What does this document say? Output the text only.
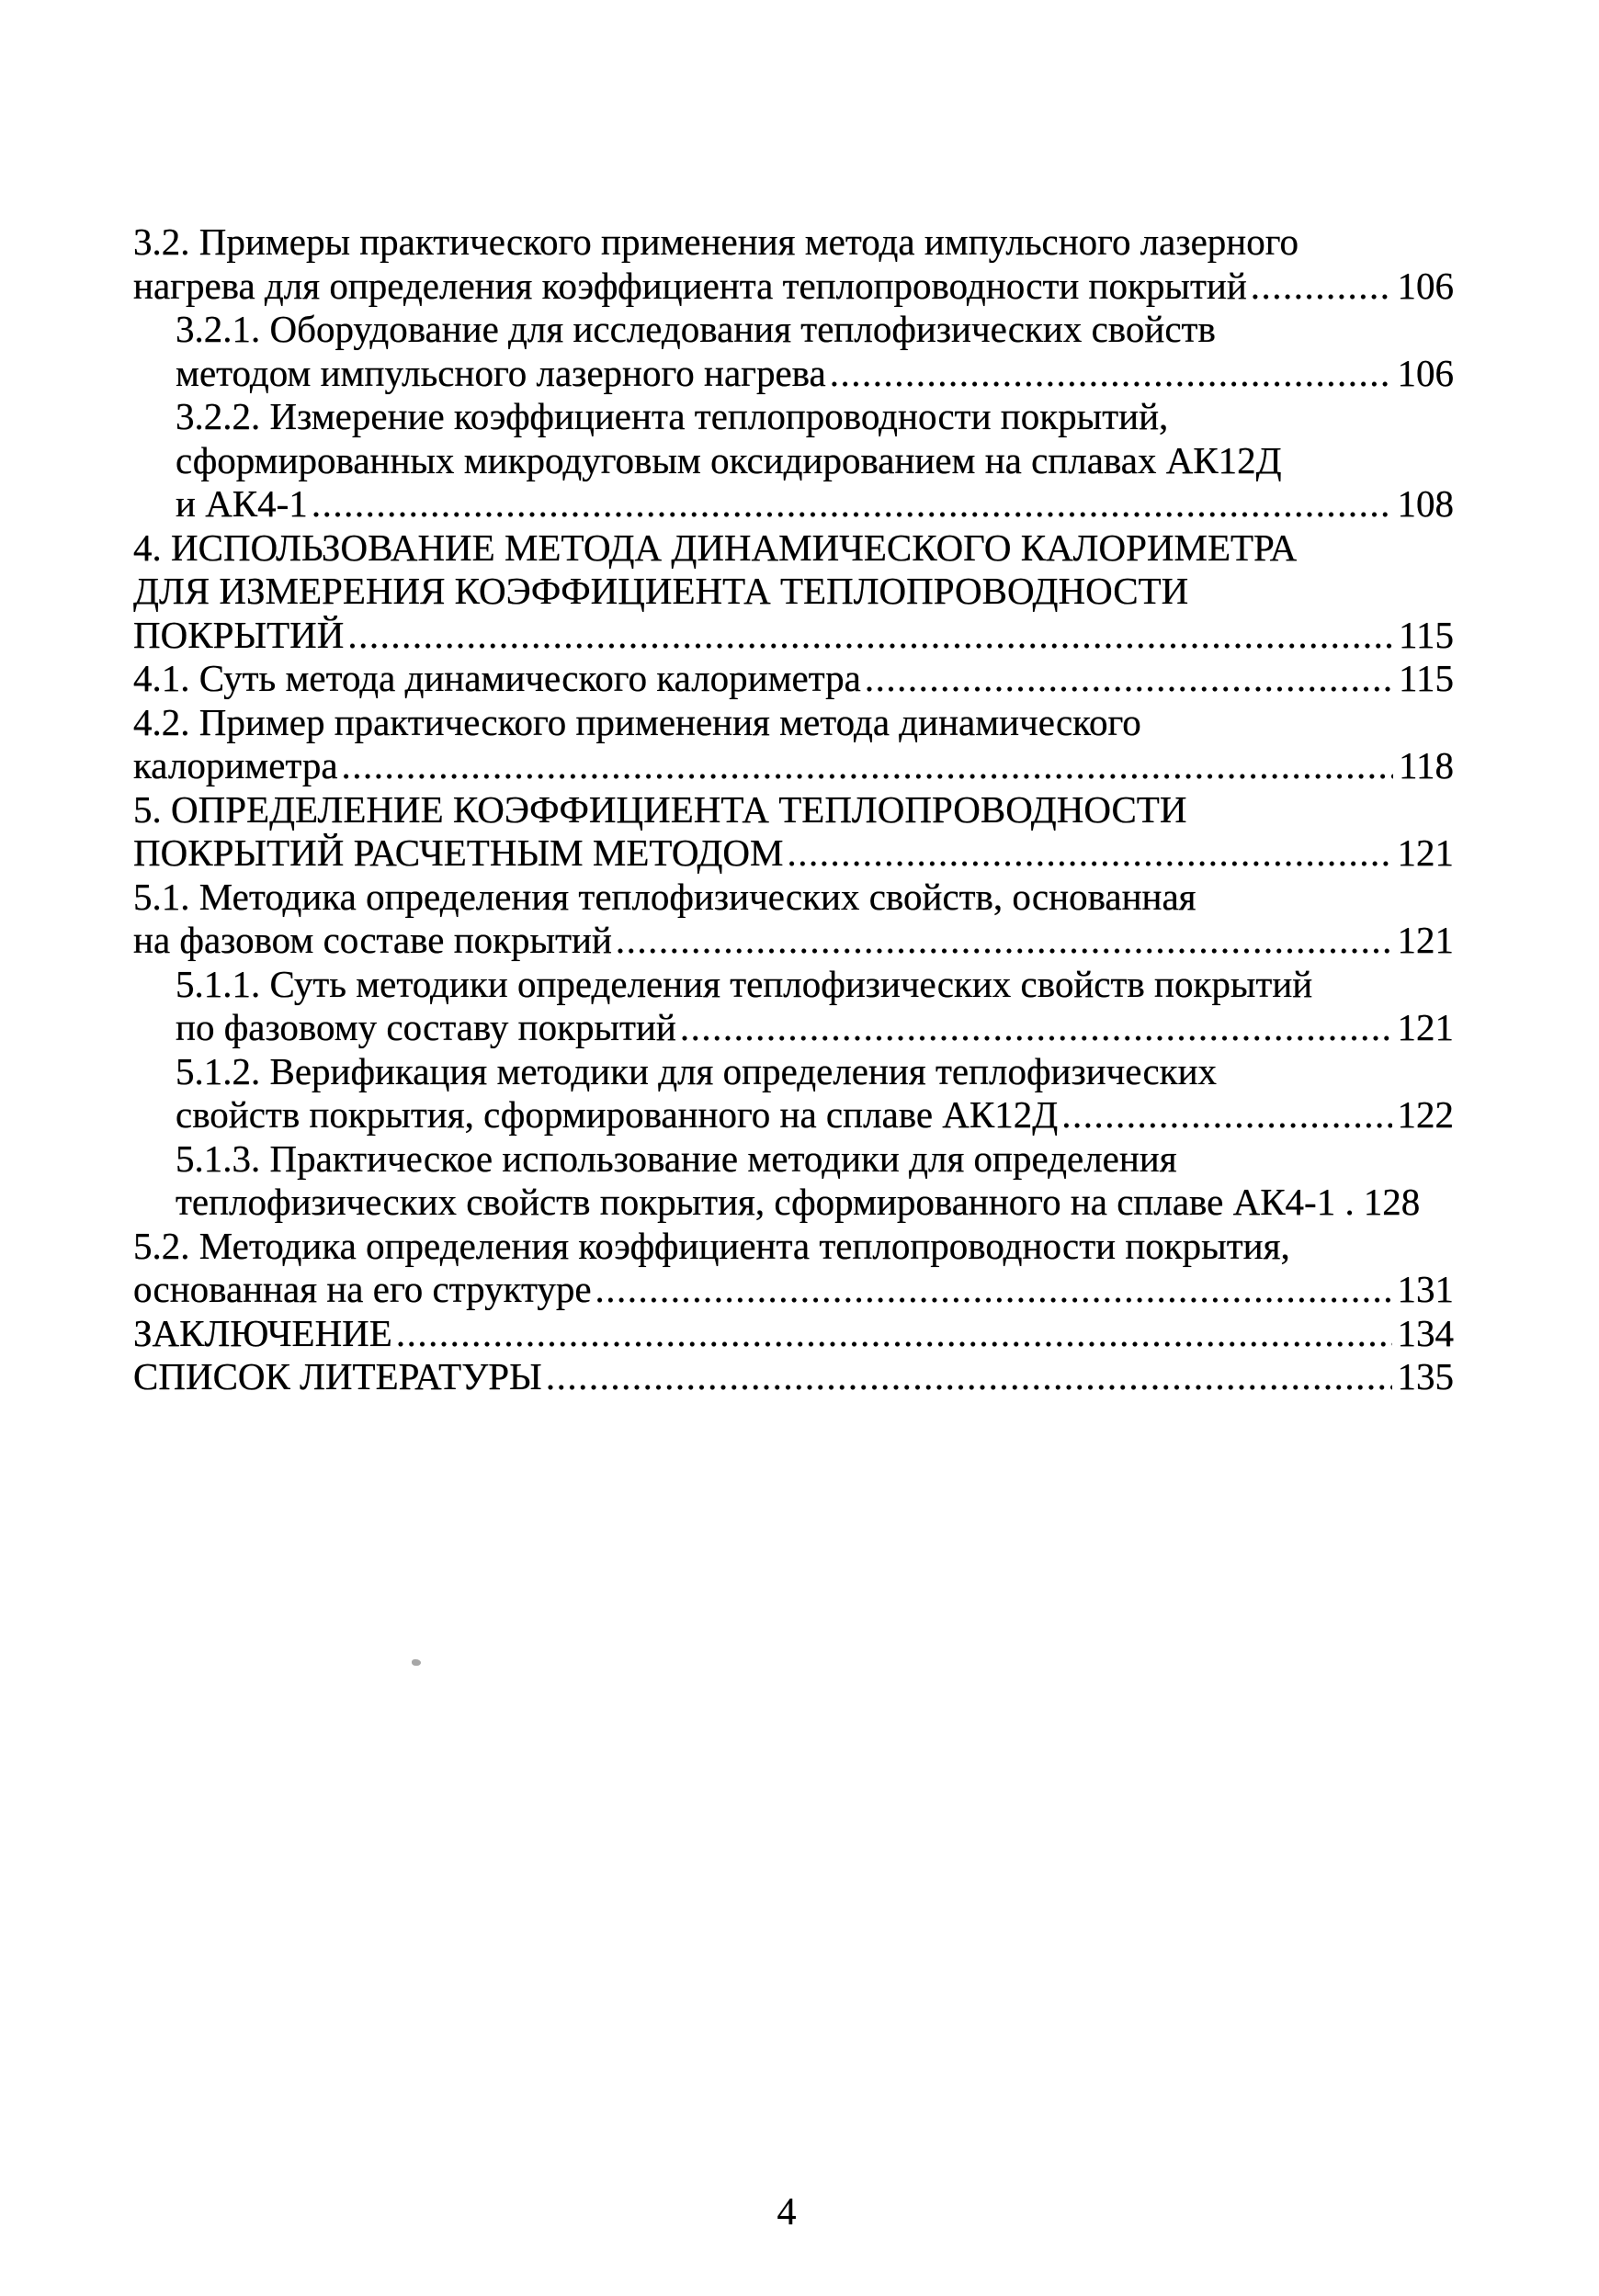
3.2. Примеры практического применения метода импульсного лазерного
нагрева для определения коэффициента теплопроводности покрытий .....	106
3.2.1. Оборудование для исследования теплофизических свойств
методом импульсного лазерного нагрева .....	106
3.2.2. Измерение коэффициента теплопроводности покрытий,
сформированных микродуговым оксидированием на сплавах АК12Д
и АК4-1 .....	108
4. ИСПОЛЬЗОВАНИЕ МЕТОДА ДИНАМИЧЕСКОГО КАЛОРИМЕТРА
ДЛЯ ИЗМЕРЕНИЯ КОЭФФИЦИЕНТА ТЕПЛОПРОВОДНОСТИ
ПОКРЫТИЙ .....	115
4.1. Суть метода динамического калориметра .....	115
4.2. Пример практического применения метода динамического
калориметра .....	118
5. ОПРЕДЕЛЕНИЕ КОЭФФИЦИЕНТА ТЕПЛОПРОВОДНОСТИ
ПОКРЫТИЙ РАСЧЕТНЫМ МЕТОДОМ .....	121
5.1. Методика определения теплофизических свойств, основанная
на фазовом составе покрытий .....	121
5.1.1. Суть методики определения теплофизических свойств покрытий
по фазовому составу покрытий .....	121
5.1.2. Верификация методики для определения теплофизических
свойств покрытия, сформированного на сплаве АК12Д .....	122
5.1.3. Практическое использование методики для определения
теплофизических свойств покрытия, сформированного на сплаве АК4-1 . 128
5.2. Методика определения коэффициента теплопроводности покрытия,
основанная на его структуре .....	131
ЗАКЛЮЧЕНИЕ .....	134
СПИСОК ЛИТЕРАТУРЫ .....	135
4
